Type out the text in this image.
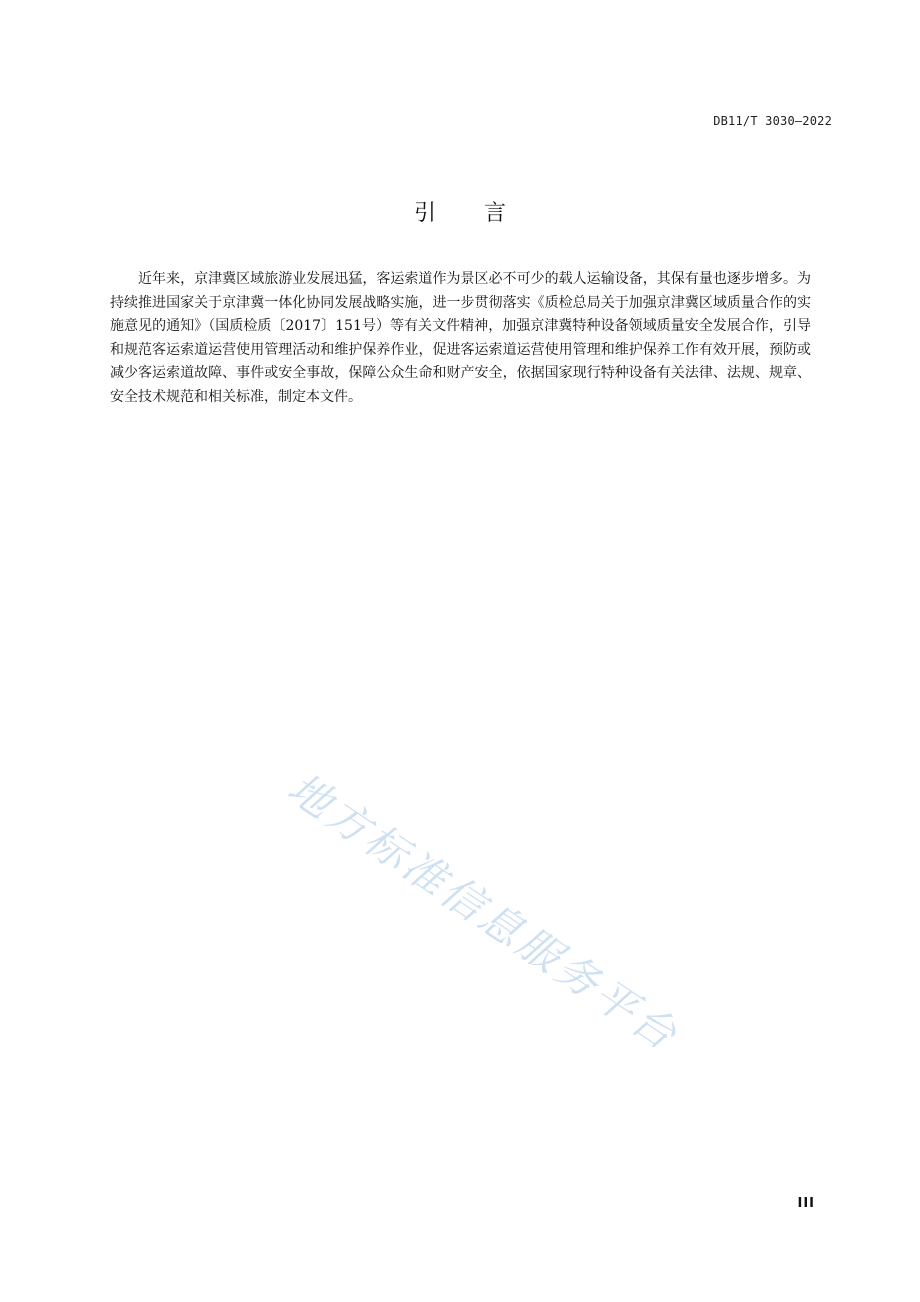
DB11/T 3030—2022
引言

近年来，京津冀区域旅游业发展迅猛，客运索道作为景区必不可少的载人运输设备，其保有量也逐步增多。为持续推进国家关于京津冀一体化协同发展战略实施，进一步贯彻落实《质检总局关于加强京津冀区域质量合作的实施意见的通知》（国质检质〔2017〕151号）等有关文件精神，加强京津冀特种设备领域质量安全发展合作，引导和规范客运索道运营使用管理活动和维护保养作业，促进客运索道运营使用管理和维护保养工作有效开展，预防或减少客运索道故障、事件或安全事故，保障公众生命和财产安全，依据国家现行特种设备有关法律、法规、规章、安全技术规范和相关标准，制定本文件。

地方标准信息服务平台
III
